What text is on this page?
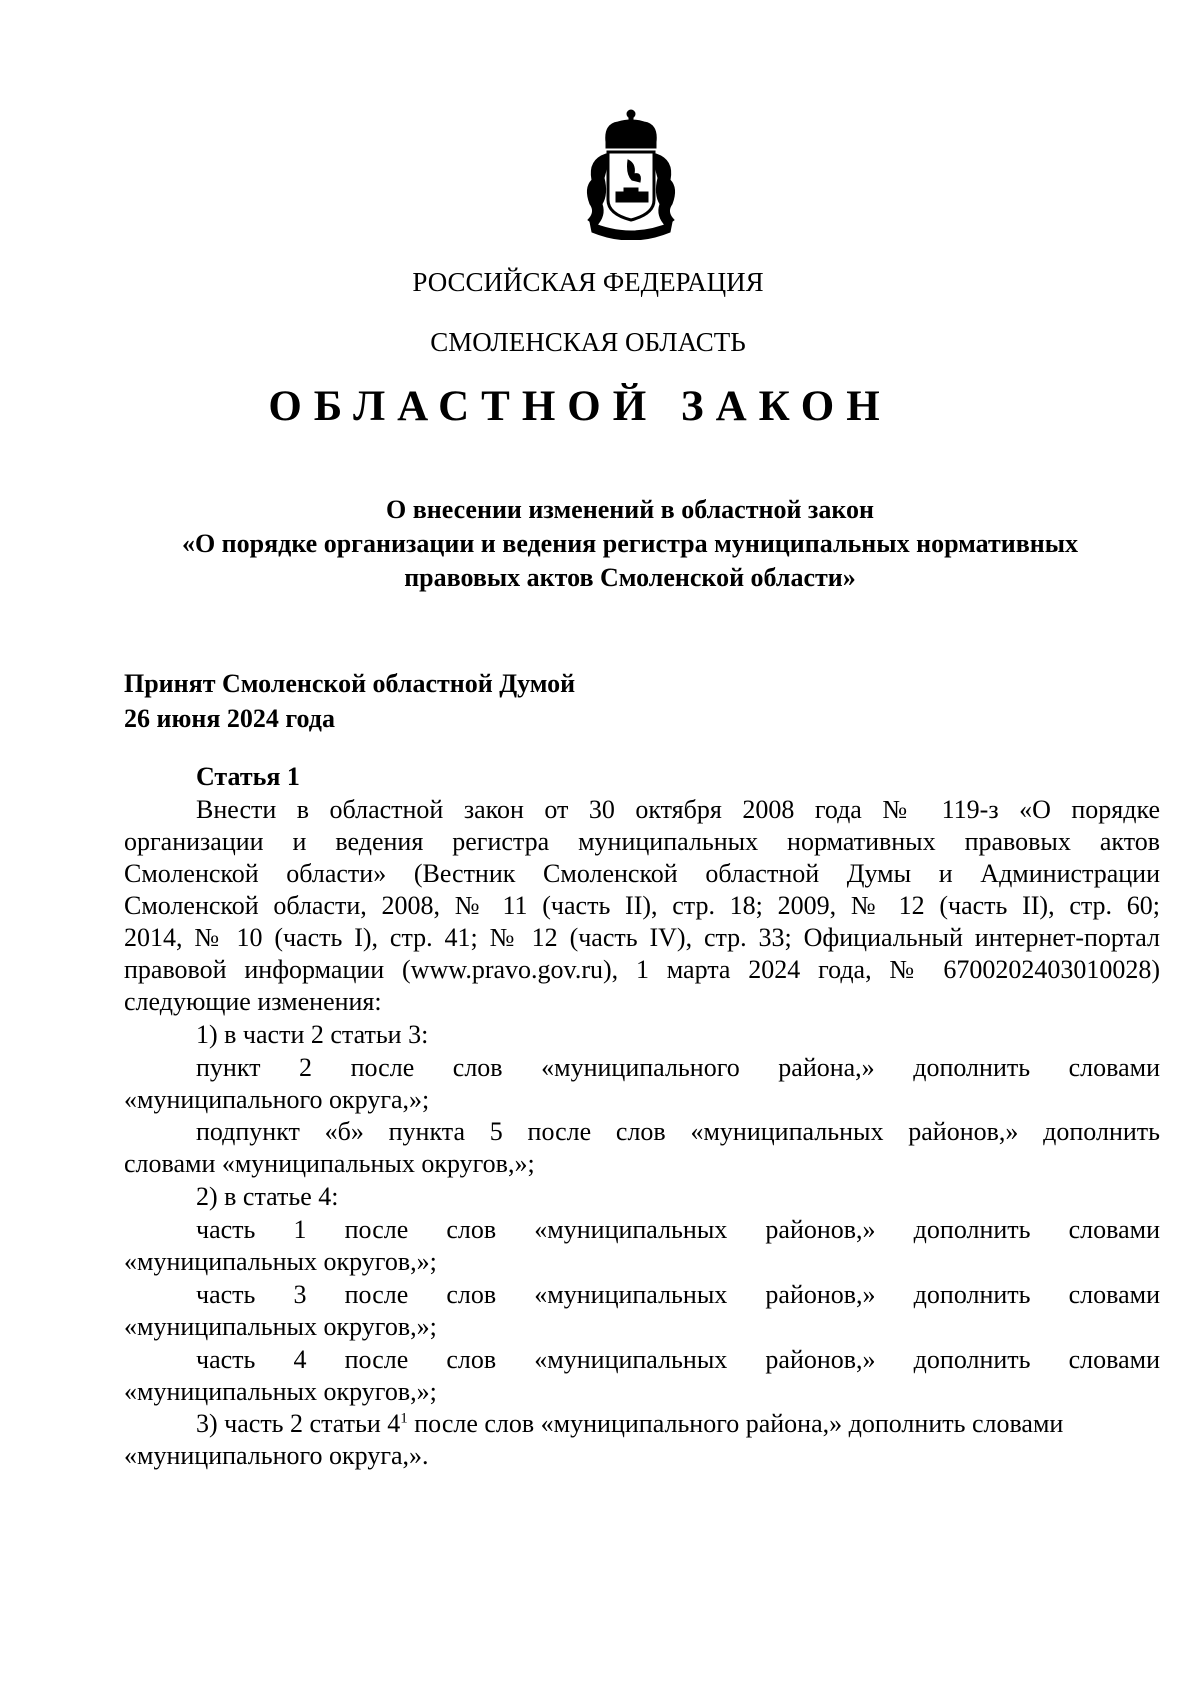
РОССИЙСКАЯ ФЕДЕРАЦИЯ
СМОЛЕНСКАЯ ОБЛАСТЬ
ОБЛАСТНОЙ ЗАКОН
О внесении изменений в областной закон
«О порядке организации и ведения регистра муниципальных нормативных
правовых актов Смоленской области»
Принят Смоленской областной Думой
26 июня 2024 года
Статья 1
Внести в областной закон от 30 октября 2008 года № 119-з «О порядке
организации и ведения регистра муниципальных нормативных правовых актов
Смоленской области» (Вестник Смоленской областной Думы и Администрации
Смоленской области, 2008, № 11 (часть II), стр. 18; 2009, № 12 (часть II), стр. 60;
2014, № 10 (часть I), стр. 41; № 12 (часть IV), стр. 33; Официальный интернет-портал
правовой информации (www.pravo.gov.ru), 1 марта 2024 года, № 6700202403010028)
следующие изменения:
1) в части 2 статьи 3:
пункт 2 после слов «муниципального района,» дополнить словами
«муниципального округа,»;
подпункт «б» пункта 5 после слов «муниципальных районов,» дополнить
словами «муниципальных округов,»;
2) в статье 4:
часть 1 после слов «муниципальных районов,» дополнить словами
«муниципальных округов,»;
часть 3 после слов «муниципальных районов,» дополнить словами
«муниципальных округов,»;
часть 4 после слов «муниципальных районов,» дополнить словами
«муниципальных округов,»;
3) часть 2 статьи $4^1$ после слов «муниципального района,» дополнить словами
«муниципального округа,».
